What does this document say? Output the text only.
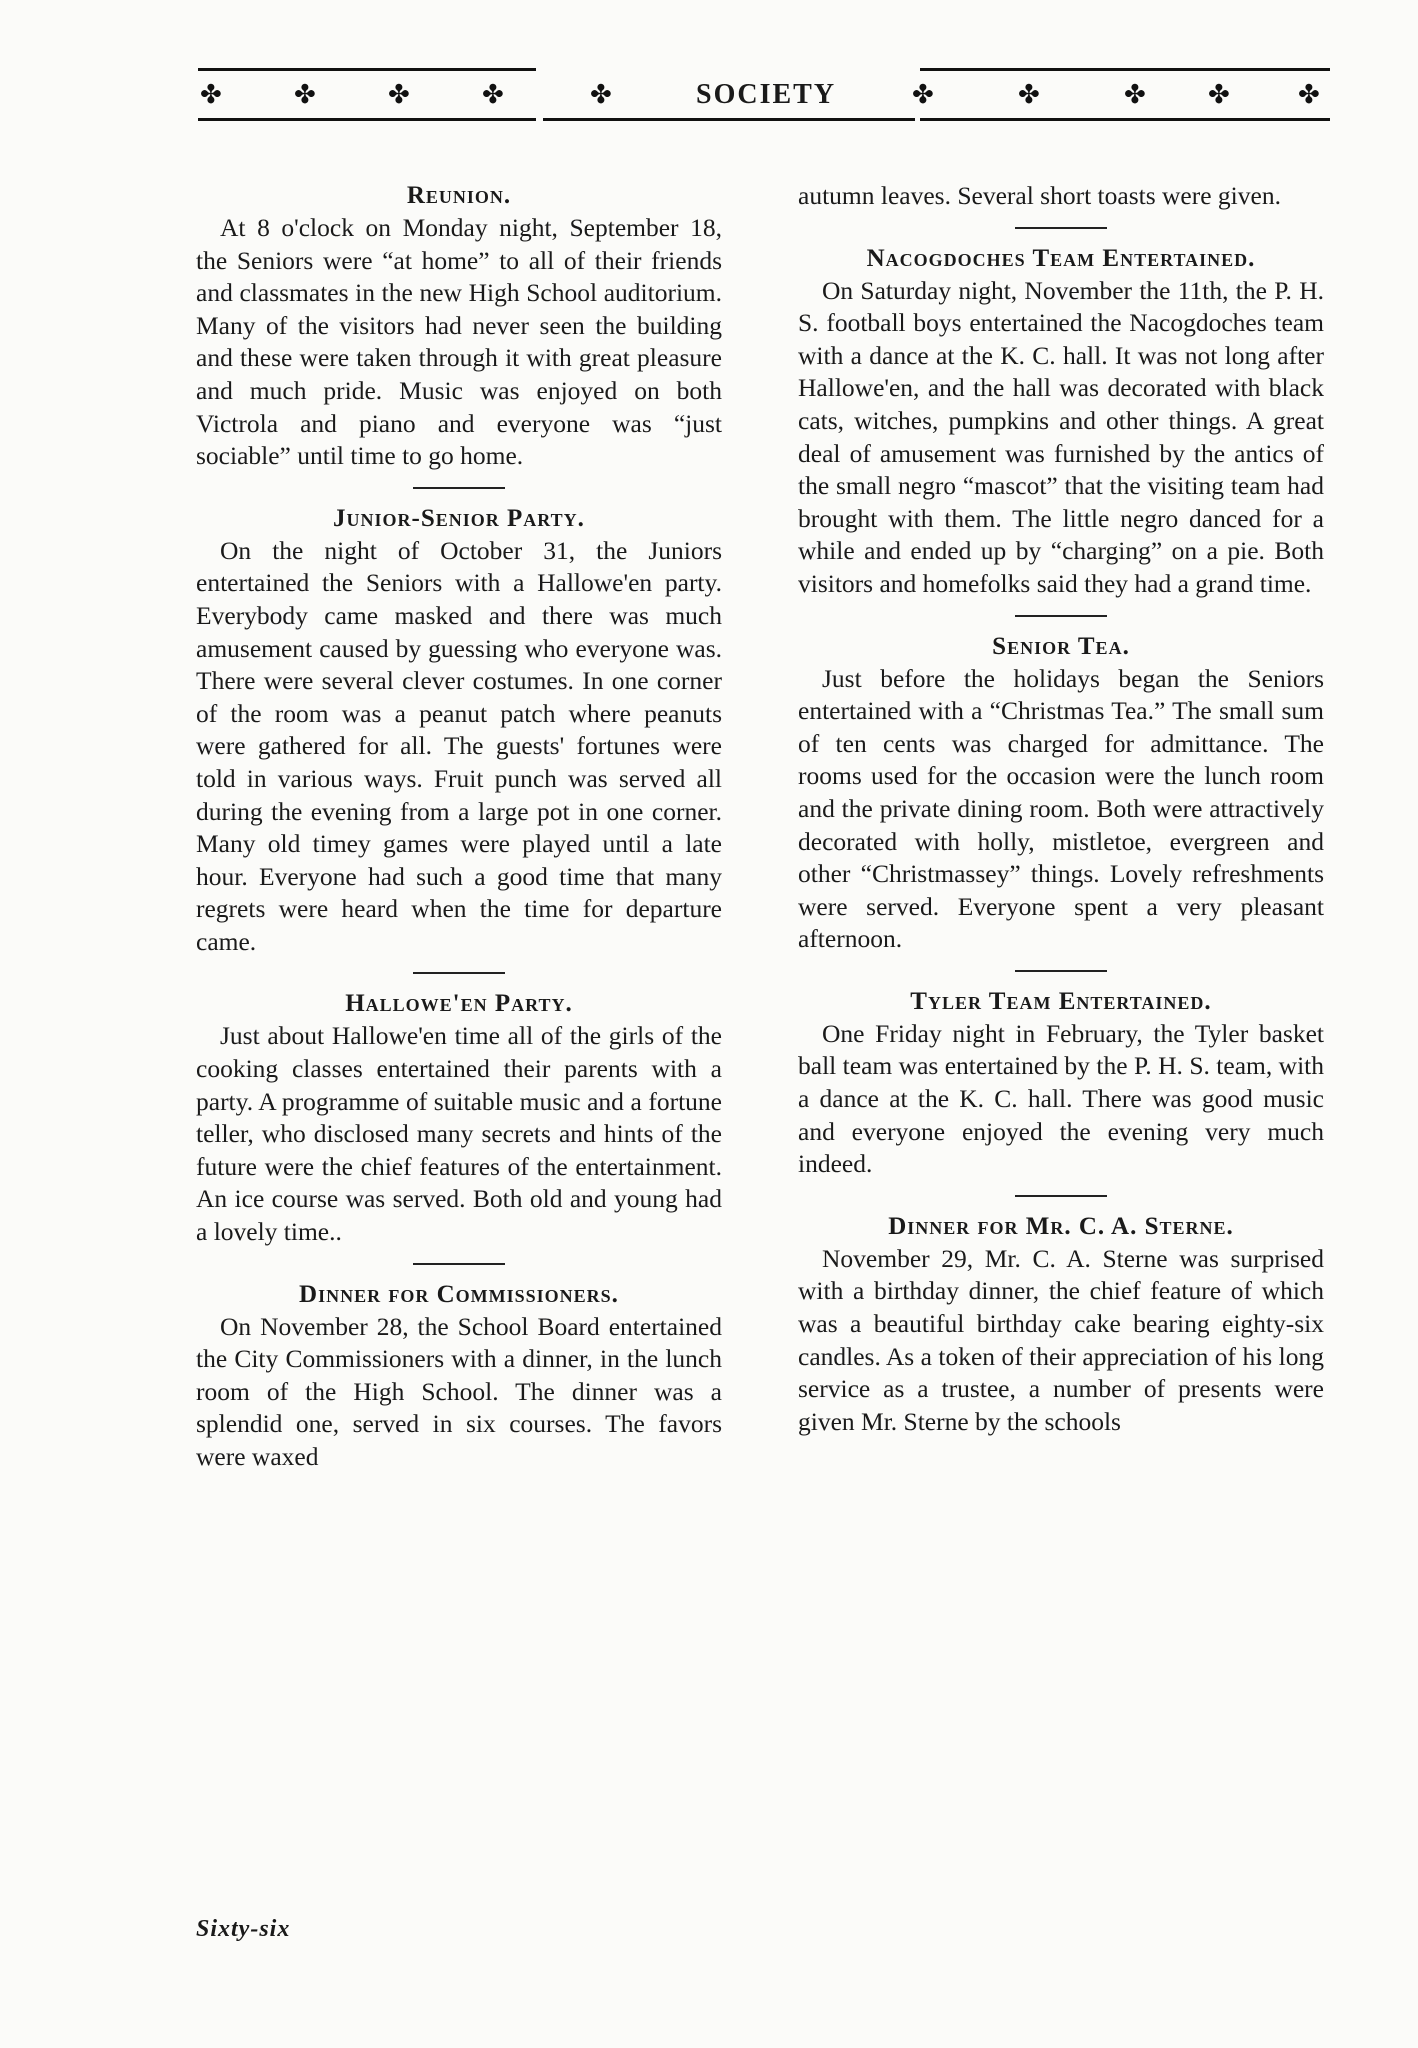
✤	✤	✤	✤	✤	SOCIETY	✤	✤	✤ ✤	✤
Reunion.

At 8 o'clock on Monday night, September 18, the Seniors were “at home” to all of their friends and classmates in the new High School auditorium. Many of the visitors had never seen the building and these were taken through it with great pleasure and much pride. Music was enjoyed on both Victrola and piano and everyone was “just sociable” until time to go home.

Junior-Senior Party.

On the night of October 31, the Juniors entertained the Seniors with a Hallowe'en party. Everybody came masked and there was much amusement caused by guessing who everyone was. There were several clever costumes. In one corner of the room was a peanut patch where peanuts were gathered for all. The guests' fortunes were told in various ways. Fruit punch was served all during the evening from a large pot in one corner. Many old timey games were played until a late hour. Everyone had such a good time that many regrets were heard when the time for departure came.

Hallowe'en Party.

Just about Hallowe'en time all of the girls of the cooking classes entertained their parents with a party. A programme of suitable music and a fortune teller, who disclosed many secrets and hints of the future were the chief features of the entertainment. An ice course was served. Both old and young had a lovely time..

Dinner for Commissioners.

On November 28, the School Board entertained the City Commissioners with a dinner, in the lunch room of the High School. The dinner was a splendid one, served in six courses. The favors were waxed

autumn leaves. Several short toasts were given.

Nacogdoches Team Entertained.

On Saturday night, November the 11th, the P. H. S. football boys entertained the Nacogdoches team with a dance at the K. C. hall. It was not long after Hallowe'en, and the hall was decorated with black cats, witches, pumpkins and other things. A great deal of amusement was furnished by the antics of the small negro “mascot” that the visiting team had brought with them. The little negro danced for a while and ended up by “charging” on a pie. Both visitors and homefolks said they had a grand time.

Senior Tea.

Just before the holidays began the Seniors entertained with a “Christmas Tea.” The small sum of ten cents was charged for admittance. The rooms used for the occasion were the lunch room and the private dining room. Both were attractively decorated with holly, mistletoe, evergreen and other “Christmassey” things. Lovely refreshments were served. Everyone spent a very pleasant afternoon.

Tyler Team Entertained.

One Friday night in February, the Tyler basket ball team was entertained by the P. H. S. team, with a dance at the K. C. hall. There was good music and everyone enjoyed the evening very much indeed.

Dinner for Mr. C. A. Sterne.

November 29, Mr. C. A. Sterne was surprised with a birthday dinner, the chief feature of which was a beautiful birthday cake bearing eighty-six candles. As a token of their appreciation of his long service as a trustee, a number of presents were given Mr. Sterne by the schools

Sixty-six
